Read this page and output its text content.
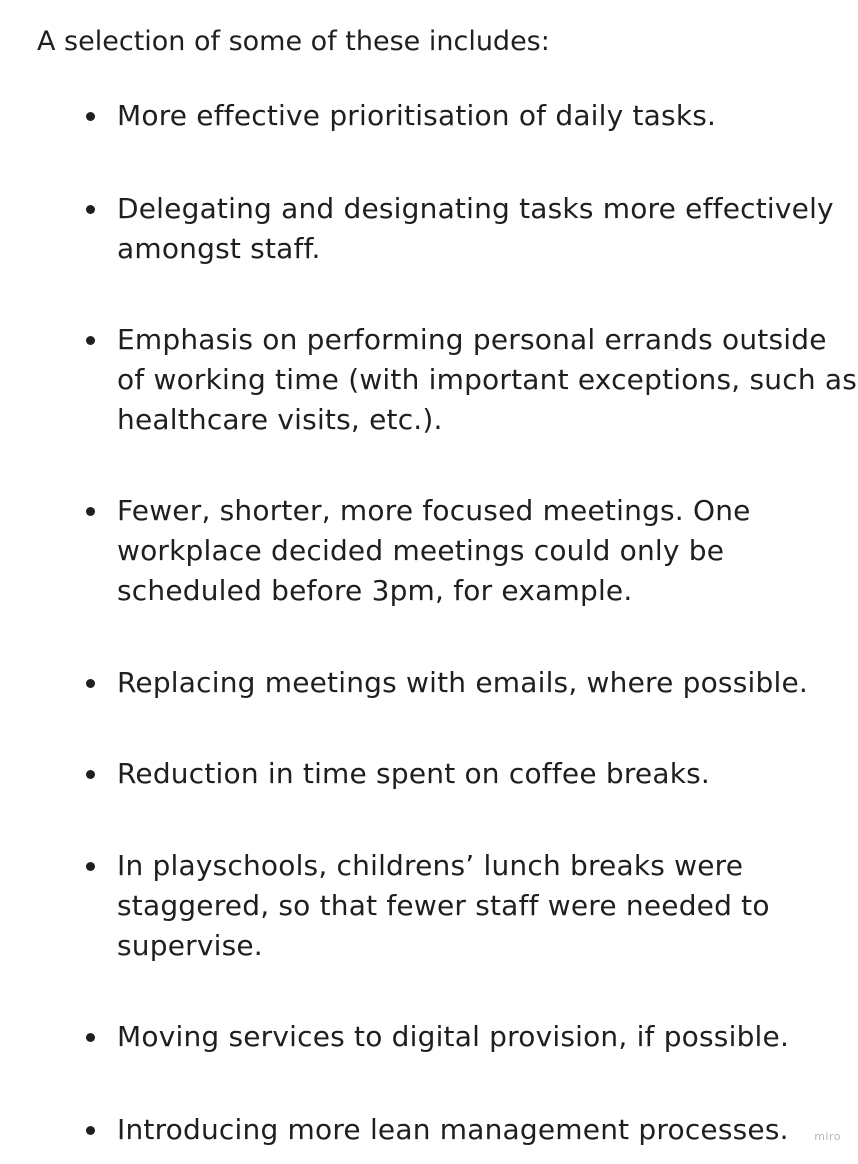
A selection of some of these includes:

More effective prioritisation of daily tasks.
Delegating and designating tasks more effectively amongst staff.
Emphasis on performing personal errands outside of working time (with important exceptions, such as healthcare visits, etc.).
Fewer, shorter, more focused meetings. One workplace decided meetings could only be scheduled before 3pm, for example.
Replacing meetings with emails, where possible.
Reduction in time spent on coffee breaks.
In playschools, childrens’ lunch breaks were staggered, so that fewer staff were needed to supervise.
Moving services to digital provision, if possible.
Introducing more lean management processes.	miro
